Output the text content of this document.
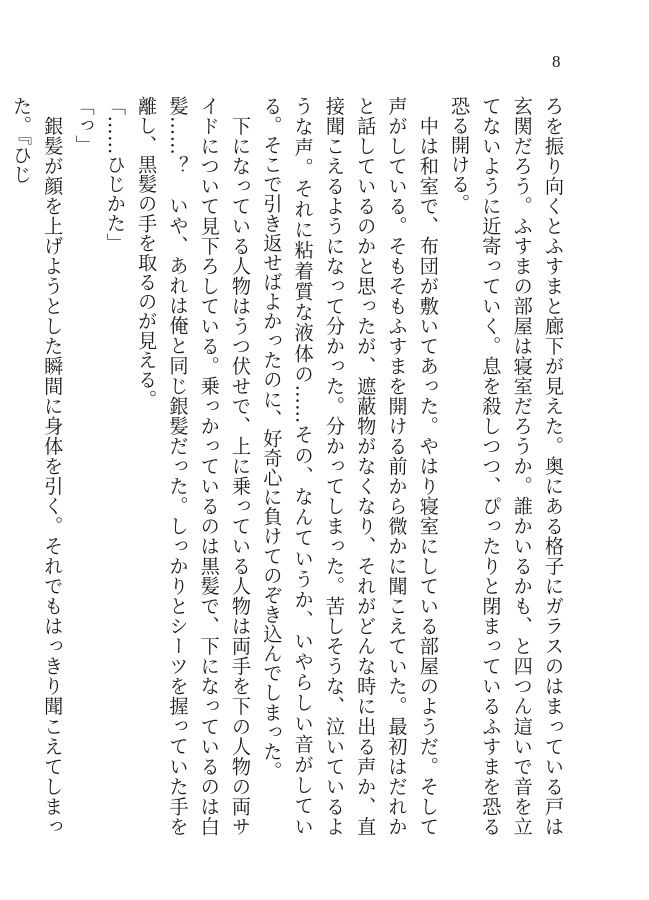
8

ろを振り向くとふすまと廊下が見えた。奥にある格子にガラスのはまっている戸は玄関だろう。ふすまの部屋は寝室だろうか。誰かいるかも、と四つん這いで音を立てないように近寄っていく。息を殺しつつ、ぴったりと閉まっているふすまを恐る恐る開ける。

　中は和室で、布団が敷いてあった。やはり寝室にしている部屋のようだ。そして声がしている。そもそもふすまを開ける前から微かに聞こえていた。最初はだれかと話しているのかと思ったが、遮蔽物がなくなり、それがどんな時に出る声か、直接聞こえるようになって分かった。分かってしまった。苦しそうな、泣いているような声。それに粘着質な液体の……その、なんていうか、いやらしい音がしている。そこで引き返せばよかったのに、好奇心に負けてのぞき込んでしまった。

　下になっている人物はうつ伏せで、上に乗っている人物は両手を下の人物の両サイドについて見下ろしている。乗っかっているのは黒髪で、下になっているのは白髪……？　いや、あれは俺と同じ銀髪だった。しっかりとシーツを握っていた手を離し、黒髪の手を取るのが見える。

「……ひじかた」

「っ」

　銀髪が顔を上げようとした瞬間に身体を引く。それでもはっきり聞こえてしまった。『ひじ
